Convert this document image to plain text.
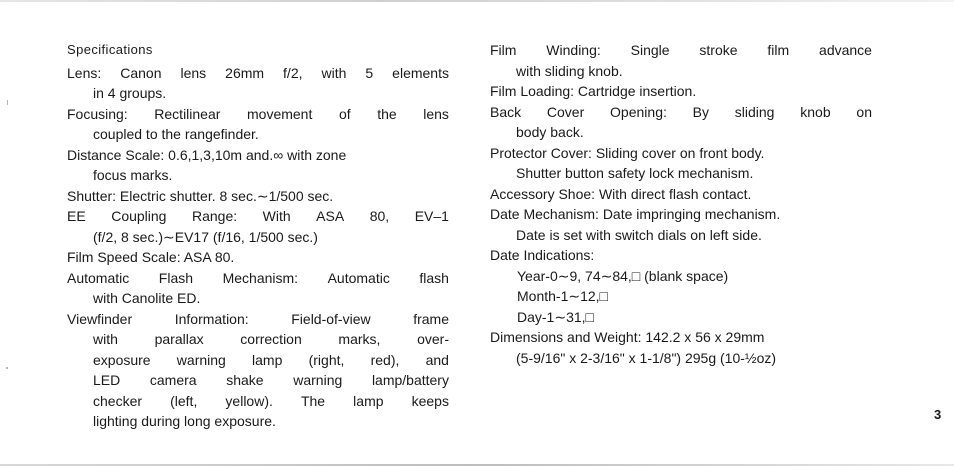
Specifications
Lens: Canon lens 26mm f/2, with 5 elements
in 4 groups.
Focusing: Rectilinear movement of the lens
coupled to the rangefinder.
Distance Scale: 0.6,1,3,10m and.∞ with zone
focus marks.
Shutter: Electric shutter. 8 sec.∼1/500 sec.
EE Coupling Range: With ASA 80, EV–1
(f/2, 8 sec.)∼EV17 (f/16, 1/500 sec.)
Film Speed Scale: ASA 80.
Automatic Flash Mechanism: Automatic flash
with Canolite ED.
Viewfinder	Information:	Field-of-view	frame
with	parallax	correction	marks,	over-
exposure warning lamp (right, red), and
LED camera shake warning lamp/battery
checker (left, yellow). The lamp keeps
lighting during long exposure.
Film Winding: Single stroke film advance
with sliding knob.
Film Loading: Cartridge insertion.
Back Cover Opening: By sliding knob on
body back.
Protector Cover: Sliding cover on front body.
Shutter button safety lock mechanism.
Accessory Shoe: With direct flash contact.
Date Mechanism: Date impringing mechanism.
Date is set with switch dials on left side.
Date Indications:
Year-0∼9, 74∼84,□ (blank space)
Month-1∼12,□
Day-1∼31,□
Dimensions and Weight: 142.2 x 56 x 29mm
(5-9/16" x 2-3/16" x 1-1/8") 295g (10-½oz)
3
